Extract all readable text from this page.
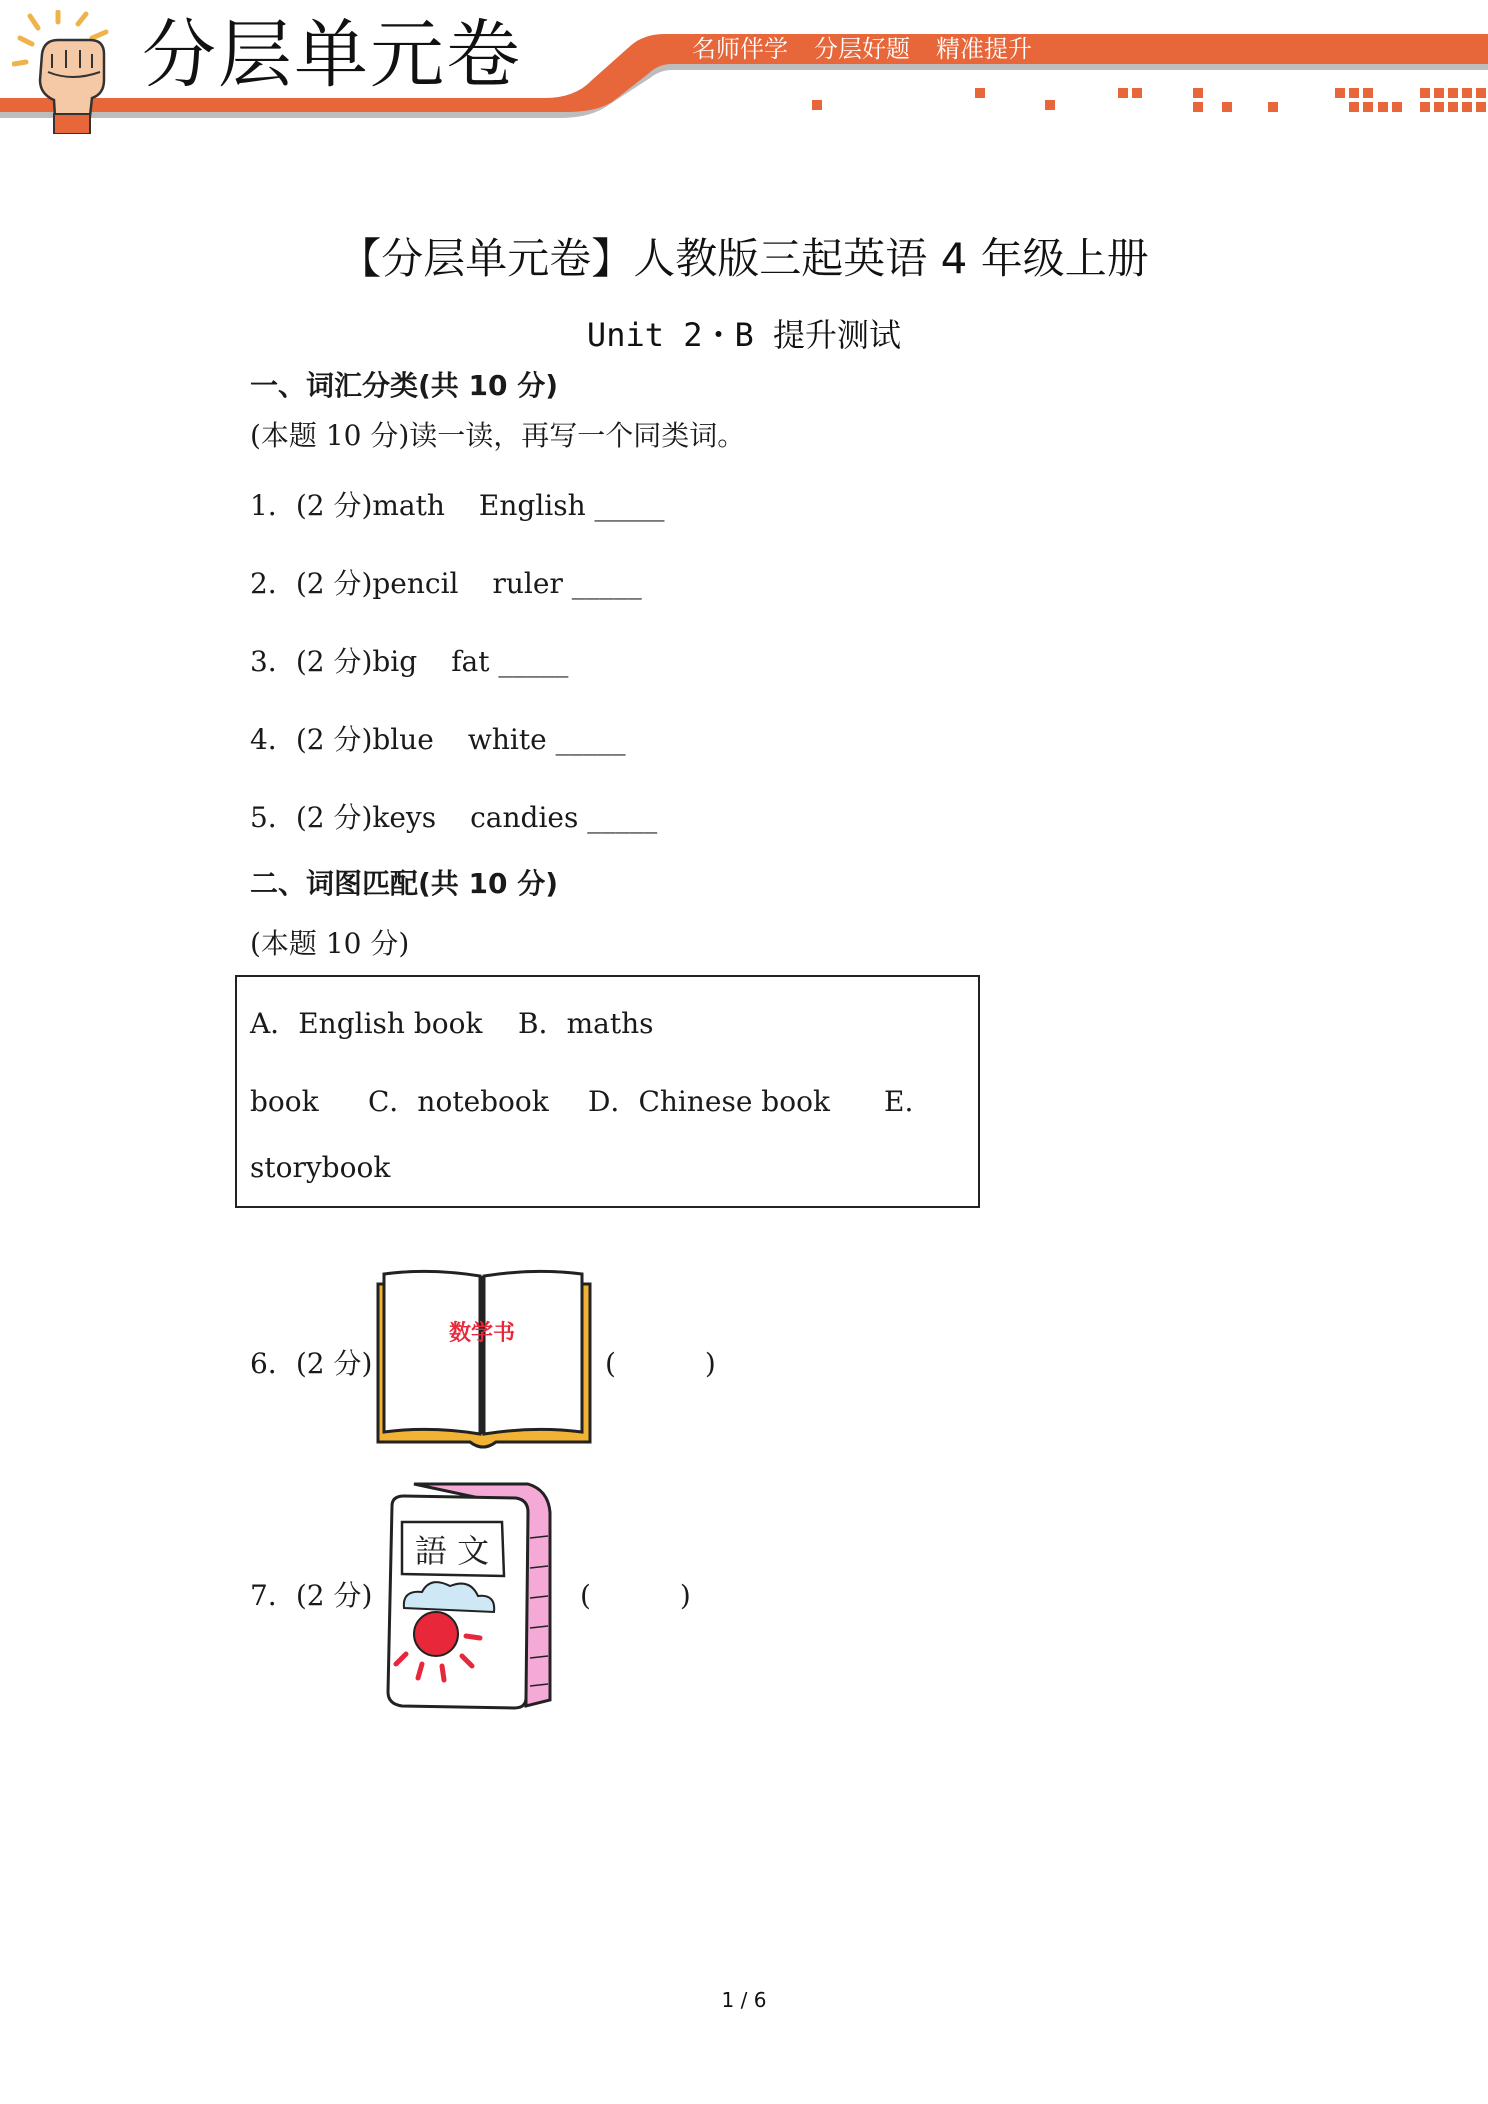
分层单元卷	名师伴学 分层好题 精准提升
【分层单元卷】人教版三起英语 4 年级上册
Unit 2・B 提升测试
一、词汇分类(共 10 分)
(本题 10 分)读一读，再写一个同类词。
1．(2 分)math English _____
2．(2 分)pencil ruler _____
3．(2 分)big fat _____
4．(2 分)blue white _____
5．(2 分)keys candies _____
二、词图匹配(共 10 分)
(本题 10 分)
A．English book B．maths
book C．notebook D．Chinese book E.
storybook
6．(2 分)
数学书
(          )
7．(2 分)
語 文
(          )
1 / 6
